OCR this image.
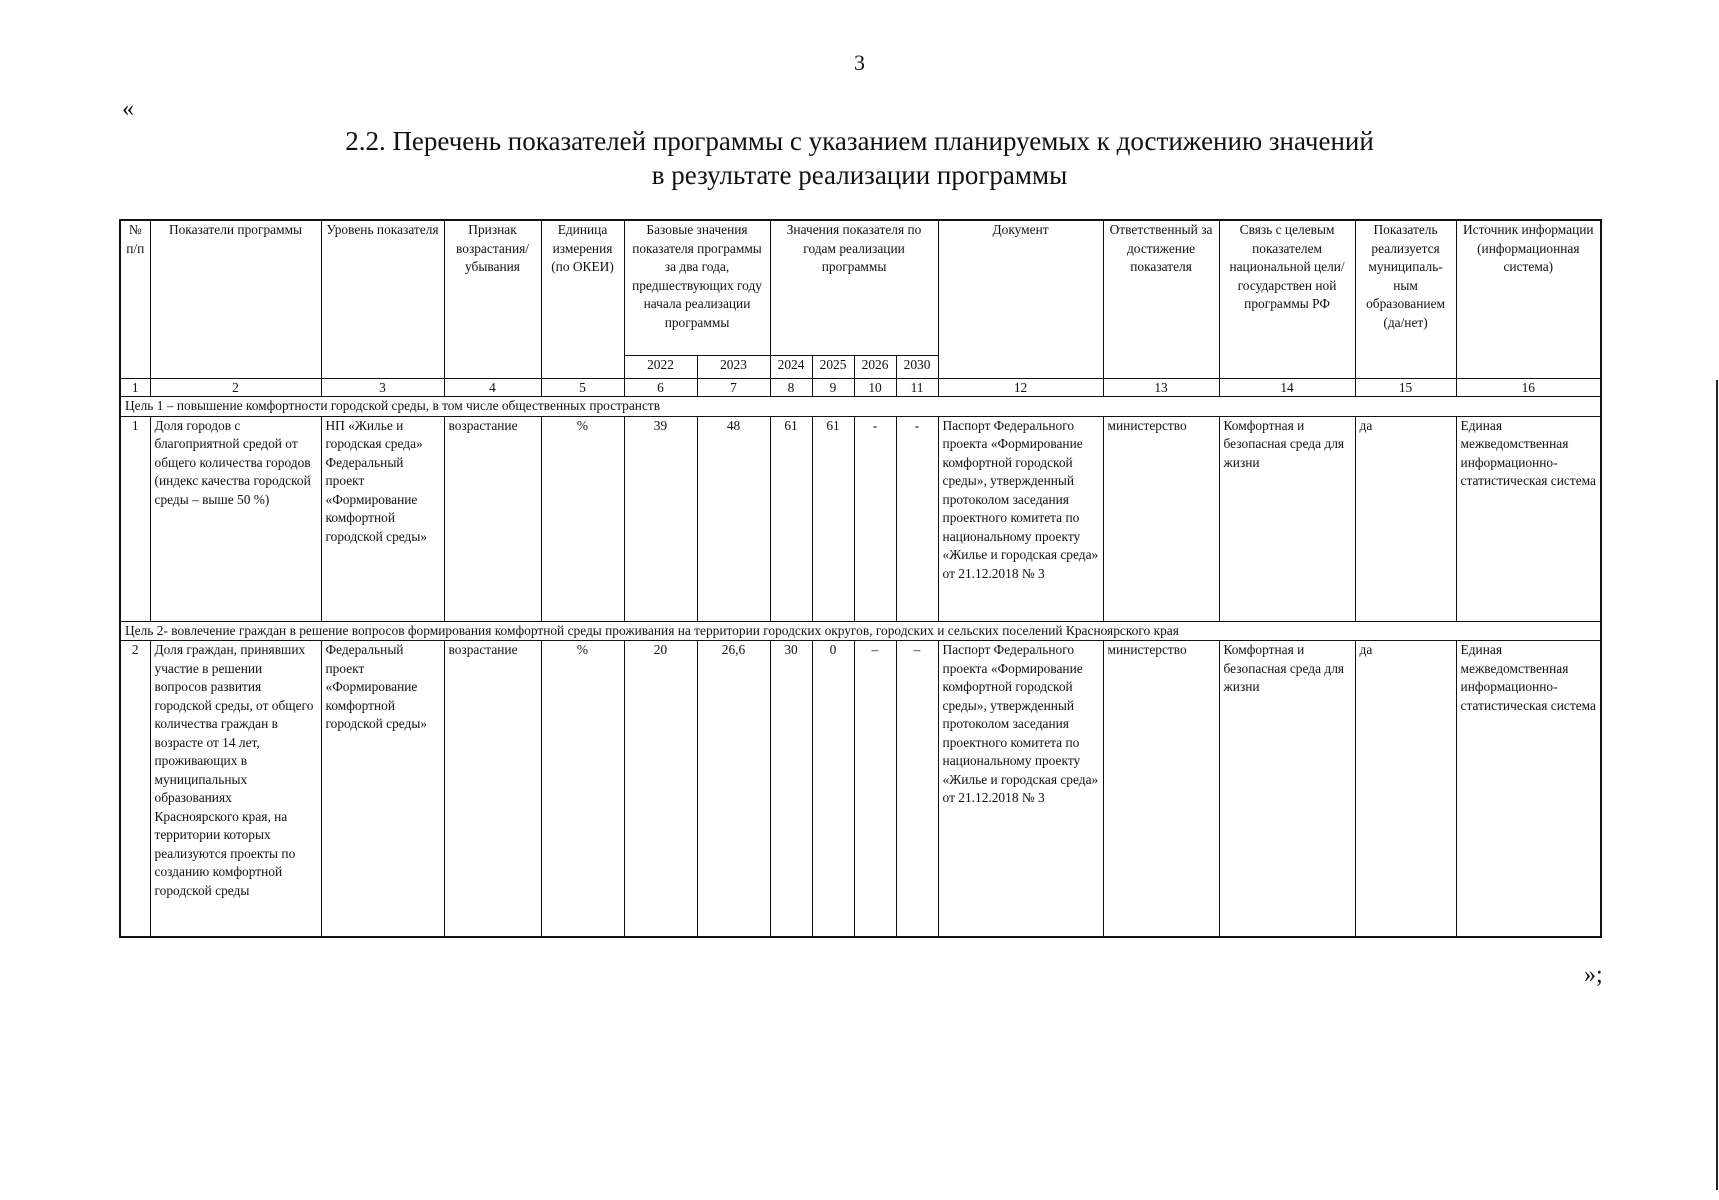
3
«
2.2. Перечень показателей программы с указанием планируемых к достижению значений
в результате реализации программы
№ п/п	Показатели программы	Уровень показателя	Признак возрастания/ убывания	Единица измерения (по ОКЕИ)	Базовые значения показателя программы за два года, предшествующих году начала реализации программы		Значения показателя по годам реализации программы				Документ	Ответственный за достижение показателя	Связь с целевым показателем национальной цели/государствен ной программы РФ	Показатель реализуется муниципаль-ным образованием (да/нет)	Источник информации (информационная система)
					2022	2023	2024	2025	2026	2030					
1	2	3	4	5	6	7	8	9	10	11	12	13	14	15	16
Цель 1 – повышение комфортности городской среды, в том числе общественных пространств															
1	Доля городов с благоприятной средой от общего количества городов (индекс качества городской среды – выше 50 %)	НП «Жилье и городская среда» Федеральный проект «Формирование комфортной городской среды»	возрастание	%	39	48	61	61	-	-	Паспорт Федерального проекта «Формирование комфортной городской среды», утвержденный протоколом заседания проектного комитета по национальному проекту «Жилье и городская среда» от 21.12.2018 № 3	министерство	Комфортная и безопасная среда для жизни	да	Единая межведомственная информационно-статистическая система
Цель 2- вовлечение граждан в решение вопросов формирования комфортной среды проживания на территории городских округов, городских и сельских поселений Красноярского края															
2	Доля граждан, принявших участие в решении вопросов развития городской среды, от общего количества граждан в возрасте от 14 лет, проживающих в муниципальных образованиях Красноярского края, на территории которых реализуются проекты по созданию комфортной городской среды	Федеральный проект «Формирование комфортной городской среды»	возрастание	%	20	26,6	30	0	–	–	Паспорт Федерального проекта «Формирование комфортной городской среды», утвержденный протоколом заседания проектного комитета по национальному проекту «Жилье и городская среда» от 21.12.2018 № 3	министерство	Комфортная и безопасная среда для жизни	да	Единая межведомственная информационно-статистическая система
»;
